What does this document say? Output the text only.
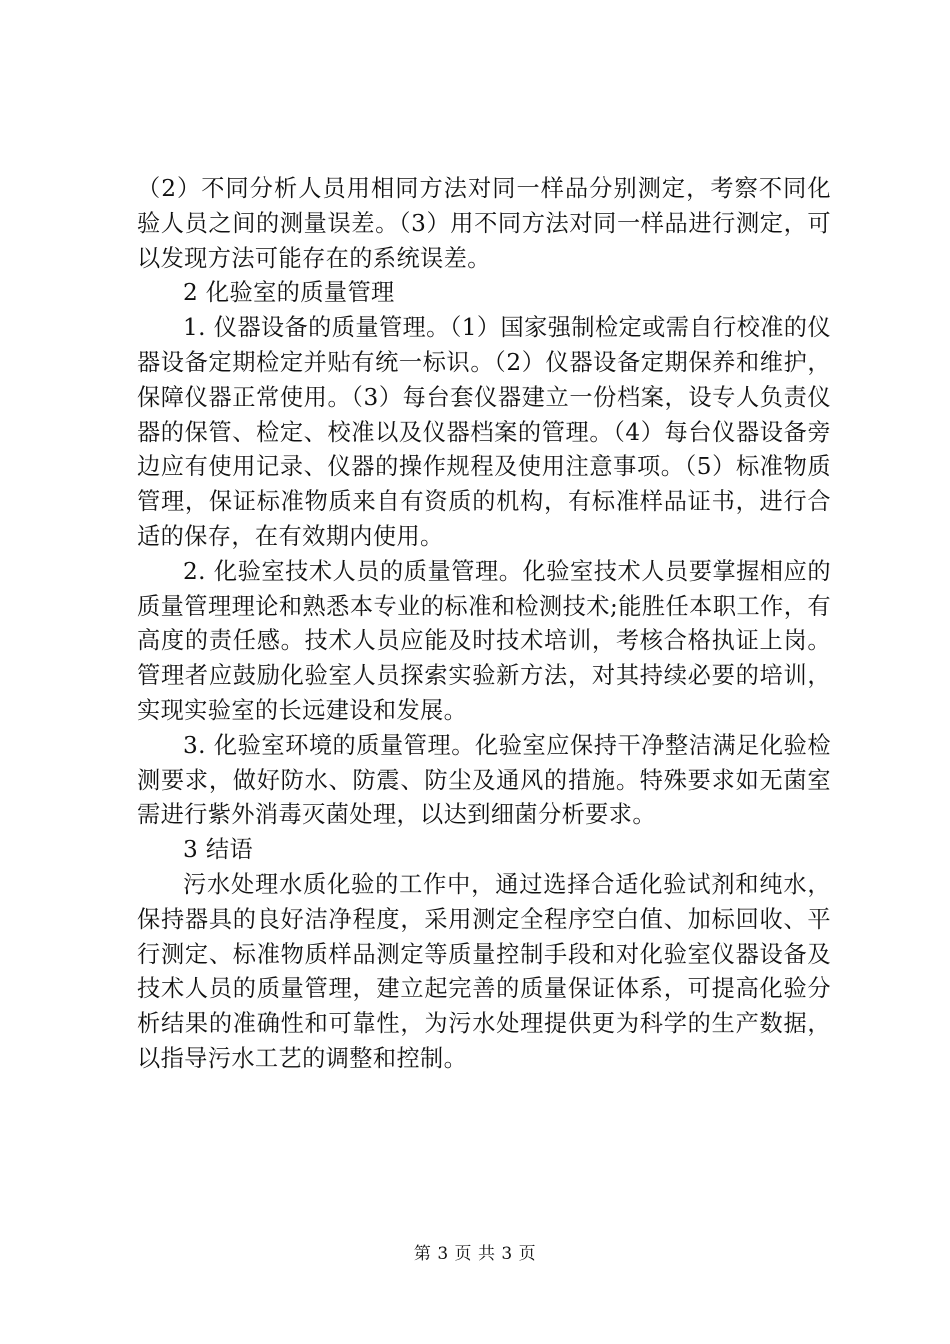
（2）不同分析人员用相同方法对同一样品分别测定，考察不同化验人员之间的测量误差。（3）用不同方法对同一样品进行测定，可以发现方法可能存在的系统误差。

2 化验室的质量管理

1. 仪器设备的质量管理。（1）国家强制检定或需自行校准的仪器设备定期检定并贴有统一标识。（2）仪器设备定期保养和维护，保障仪器正常使用。（3）每台套仪器建立一份档案，设专人负责仪器的保管、检定、校准以及仪器档案的管理。（4）每台仪器设备旁边应有使用记录、仪器的操作规程及使用注意事项。（5）标准物质管理，保证标准物质来自有资质的机构，有标准样品证书，进行合适的保存，在有效期内使用。

2. 化验室技术人员的质量管理。化验室技术人员要掌握相应的质量管理理论和熟悉本专业的标准和检测技术;能胜任本职工作，有高度的责任感。技术人员应能及时技术培训，考核合格执证上岗。管理者应鼓励化验室人员探索实验新方法，对其持续必要的培训，实现实验室的长远建设和发展。

3. 化验室环境的质量管理。化验室应保持干净整洁满足化验检测要求，做好防水、防震、防尘及通风的措施。特殊要求如无菌室需进行紫外消毒灭菌处理，以达到细菌分析要求。

3 结语

污水处理水质化验的工作中，通过选择合适化验试剂和纯水，保持器具的良好洁净程度，采用测定全程序空白值、加标回收、平行测定、标准物质样品测定等质量控制手段和对化验室仪器设备及技术人员的质量管理，建立起完善的质量保证体系，可提高化验分析结果的准确性和可靠性，为污水处理提供更为科学的生产数据，以指导污水工艺的调整和控制。

第 3 页 共 3 页
